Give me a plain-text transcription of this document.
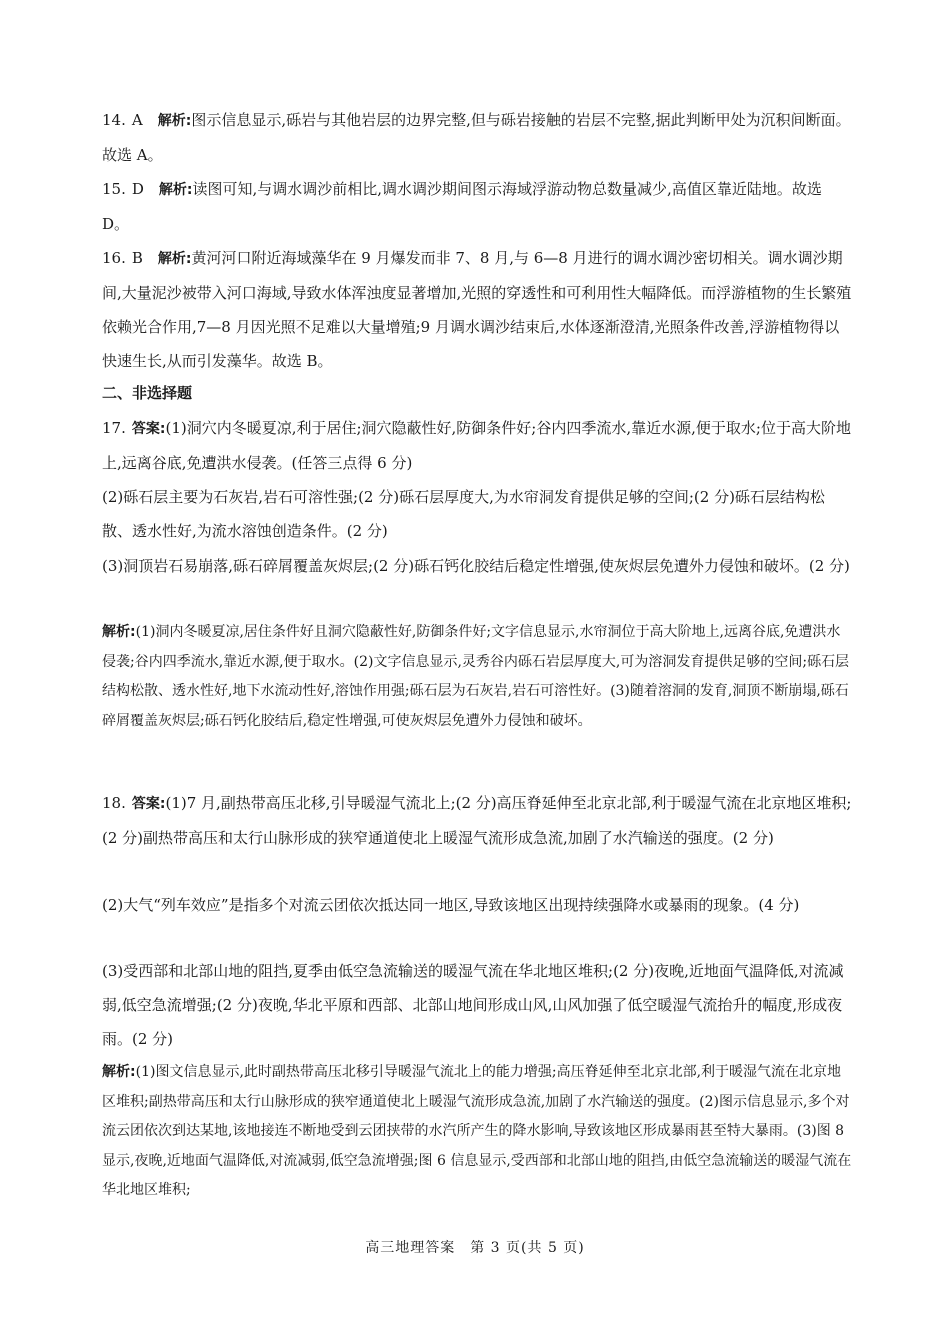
14. A　 解析:图示信息显示,砾岩与其他岩层的边界完整,但与砾岩接触的岩层不完整,据此判断甲处为沉积间断面。故选 A。

15. D　 解析:读图可知,与调水调沙前相比,调水调沙期间图示海域浮游动物总数量减少,高值区靠近陆地。故选 D。

16. B　 解析:黄河河口附近海域藻华在 9 月爆发而非 7、8 月,与 6—8 月进行的调水调沙密切相关。调水调沙期间,大量泥沙被带入河口海域,导致水体浑浊度显著增加,光照的穿透性和可利用性大幅降低。而浮游植物的生长繁殖依赖光合作用,7—8 月因光照不足难以大量增殖;9 月调水调沙结束后,水体逐渐澄清,光照条件改善,浮游植物得以快速生长,从而引发藻华。故选 B。

二、非选择题

17. 答案:(1)洞穴内冬暖夏凉,利于居住;洞穴隐蔽性好,防御条件好;谷内四季流水,靠近水源,便于取水;位于高大阶地上,远离谷底,免遭洪水侵袭。(任答三点得 6 分)

(2)砾石层主要为石灰岩,岩石可溶性强;(2 分)砾石层厚度大,为水帘洞发育提供足够的空间;(2 分)砾石层结构松散、透水性好,为流水溶蚀创造条件。(2 分)

(3)洞顶岩石易崩落,砾石碎屑覆盖灰烬层;(2 分)砾石钙化胶结后稳定性增强,使灰烬层免遭外力侵蚀和破坏。(2 分)

解析:(1)洞内冬暖夏凉,居住条件好且洞穴隐蔽性好,防御条件好;文字信息显示,水帘洞位于高大阶地上,远离谷底,免遭洪水侵袭;谷内四季流水,靠近水源,便于取水。(2)文字信息显示,灵秀谷内砾石岩层厚度大,可为溶洞发育提供足够的空间;砾石层结构松散、透水性好,地下水流动性好,溶蚀作用强;砾石层为石灰岩,岩石可溶性好。(3)随着溶洞的发育,洞顶不断崩塌,砾石碎屑覆盖灰烬层;砾石钙化胶结后,稳定性增强,可使灰烬层免遭外力侵蚀和破坏。

18. 答案:(1)7 月,副热带高压北移,引导暖湿气流北上;(2 分)高压脊延伸至北京北部,利于暖湿气流在北京地区堆积;(2 分)副热带高压和太行山脉形成的狭窄通道使北上暖湿气流形成急流,加剧了水汽输送的强度。(2 分)

(2)大气“列车效应”是指多个对流云团依次抵达同一地区,导致该地区出现持续强降水或暴雨的现象。(4 分)

(3)受西部和北部山地的阻挡,夏季由低空急流输送的暖湿气流在华北地区堆积;(2 分)夜晚,近地面气温降低,对流减弱,低空急流增强;(2 分)夜晚,华北平原和西部、北部山地间形成山风,山风加强了低空暖湿气流抬升的幅度,形成夜雨。(2 分)

解析:(1)图文信息显示,此时副热带高压北移引导暖湿气流北上的能力增强;高压脊延伸至北京北部,利于暖湿气流在北京地区堆积;副热带高压和太行山脉形成的狭窄通道使北上暖湿气流形成急流,加剧了水汽输送的强度。(2)图示信息显示,多个对流云团依次到达某地,该地接连不断地受到云团挟带的水汽所产生的降水影响,导致该地区形成暴雨甚至特大暴雨。(3)图 8 显示,夜晚,近地面气温降低,对流减弱,低空急流增强;图 6 信息显示,受西部和北部山地的阻挡,由低空急流输送的暖湿气流在华北地区堆积;

高三地理答案　第 3 页(共 5 页)
